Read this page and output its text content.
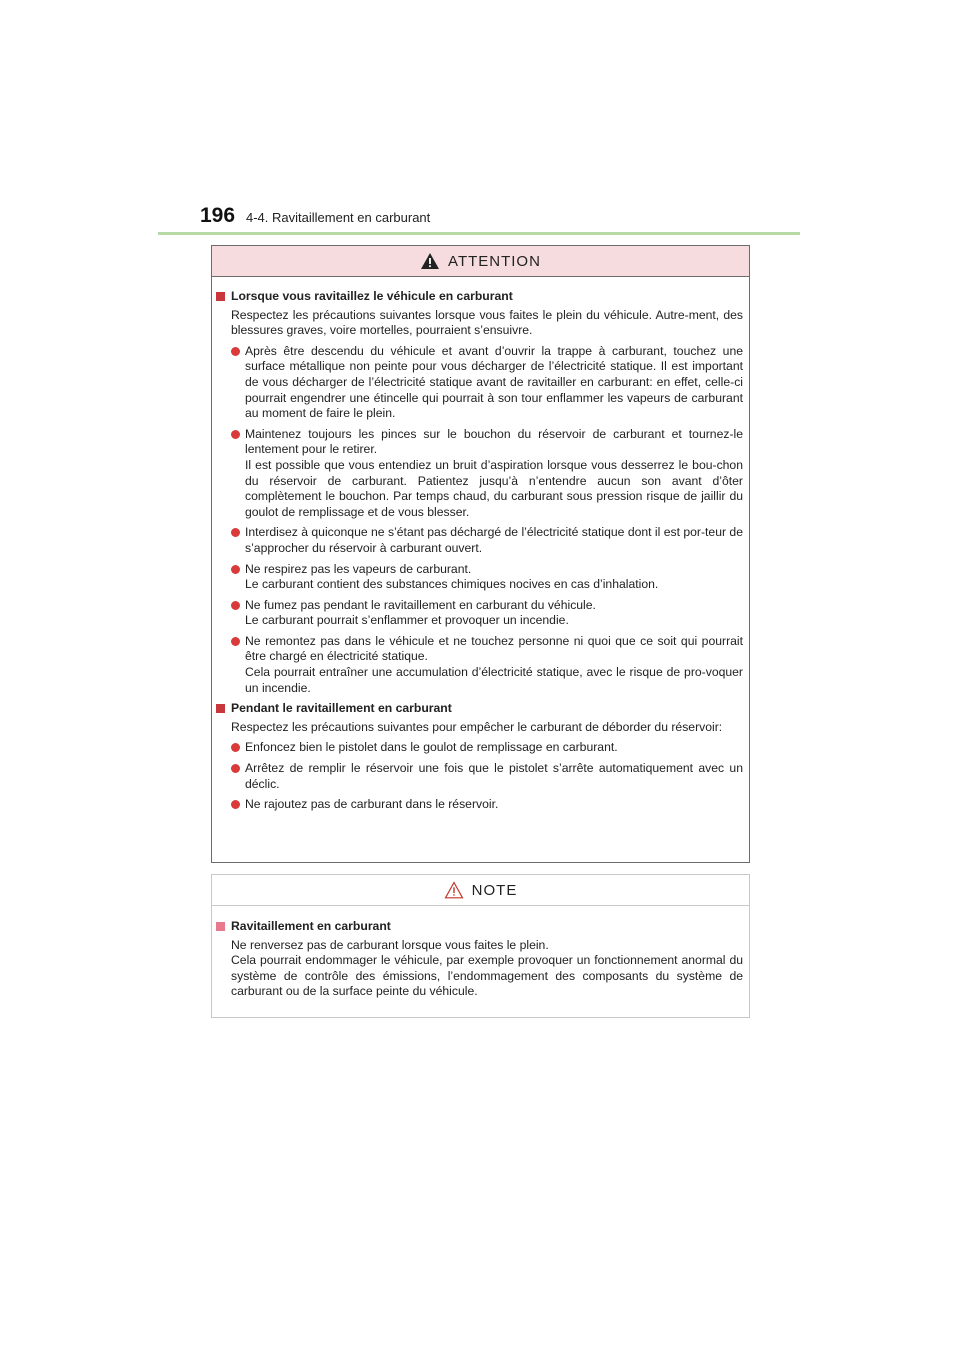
196 4-4. Ravitaillement en carburant
ATTENTION
Lorsque vous ravitaillez le véhicule en carburant
Respectez les précautions suivantes lorsque vous faites le plein du véhicule. Autre-ment, des blessures graves, voire mortelles, pourraient s’ensuivre.
Après être descendu du véhicule et avant d’ouvrir la trappe à carburant, touchez une surface métallique non peinte pour vous décharger de l’électricité statique. Il est important de vous décharger de l’électricité statique avant de ravitailler en carburant: en effet, celle-ci pourrait engendrer une étincelle qui pourrait à son tour enflammer les vapeurs de carburant au moment de faire le plein.
Maintenez toujours les pinces sur le bouchon du réservoir de carburant et tournez-le lentement pour le retirer.
Il est possible que vous entendiez un bruit d’aspiration lorsque vous desserrez le bou-chon du réservoir de carburant. Patientez jusqu’à n’entendre aucun son avant d’ôter complètement le bouchon. Par temps chaud, du carburant sous pression risque de jaillir du goulot de remplissage et de vous blesser.
Interdisez à quiconque ne s’étant pas déchargé de l’électricité statique dont il est por-teur de s’approcher du réservoir à carburant ouvert.
Ne respirez pas les vapeurs de carburant.
Le carburant contient des substances chimiques nocives en cas d’inhalation.
Ne fumez pas pendant le ravitaillement en carburant du véhicule.
Le carburant pourrait s’enflammer et provoquer un incendie.
Ne remontez pas dans le véhicule et ne touchez personne ni quoi que ce soit qui pourrait être chargé en électricité statique.
Cela pourrait entraîner une accumulation d’électricité statique, avec le risque de pro-voquer un incendie.
Pendant le ravitaillement en carburant
Respectez les précautions suivantes pour empêcher le carburant de déborder du réservoir:
Enfoncez bien le pistolet dans le goulot de remplissage en carburant.
Arrêtez de remplir le réservoir une fois que le pistolet s’arrête automatiquement avec un déclic.
Ne rajoutez pas de carburant dans le réservoir.
NOTE
Ravitaillement en carburant
Ne renversez pas de carburant lorsque vous faites le plein.
Cela pourrait endommager le véhicule, par exemple provoquer un fonctionnement anormal du système de contrôle des émissions, l’endommagement des composants du système de carburant ou de la surface peinte du véhicule.
